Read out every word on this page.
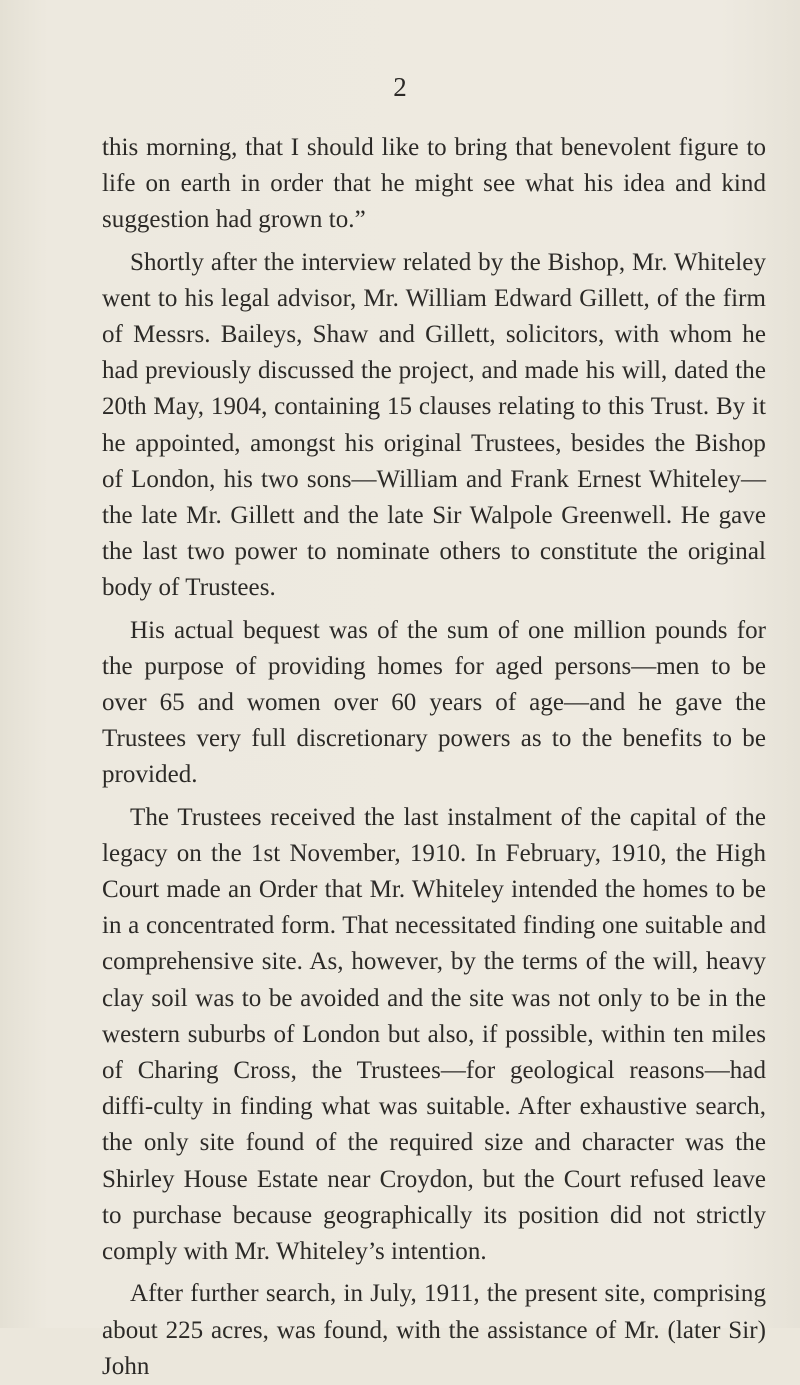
2

this morning, that I should like to bring that benevolent figure to life on earth in order that he might see what his idea and kind suggestion had grown to.”

Shortly after the interview related by the Bishop, Mr. Whiteley went to his legal advisor, Mr. William Edward Gillett, of the firm of Messrs. Baileys, Shaw and Gillett, solicitors, with whom he had previously discussed the project, and made his will, dated the 20th May, 1904, containing 15 clauses relating to this Trust. By it he appointed, amongst his original Trustees, besides the Bishop of London, his two sons—William and Frank Ernest Whiteley—the late Mr. Gillett and the late Sir Walpole Greenwell. He gave the last two power to nominate others to constitute the original body of Trustees.

His actual bequest was of the sum of one million pounds for the purpose of providing homes for aged persons—men to be over 65 and women over 60 years of age—and he gave the Trustees very full discretionary powers as to the benefits to be provided.

The Trustees received the last instalment of the capital of the legacy on the 1st November, 1910. In February, 1910, the High Court made an Order that Mr. Whiteley intended the homes to be in a concentrated form. That necessitated finding one suitable and comprehensive site. As, however, by the terms of the will, heavy clay soil was to be avoided and the site was not only to be in the western suburbs of London but also, if possible, within ten miles of Charing Cross, the Trustees—for geological reasons—had diffi-culty in finding what was suitable. After exhaustive search, the only site found of the required size and character was the Shirley House Estate near Croydon, but the Court refused leave to purchase because geographically its position did not strictly comply with Mr. Whiteley’s intention.

After further search, in July, 1911, the present site, comprising about 225 acres, was found, with the assistance of Mr. (later Sir) John
